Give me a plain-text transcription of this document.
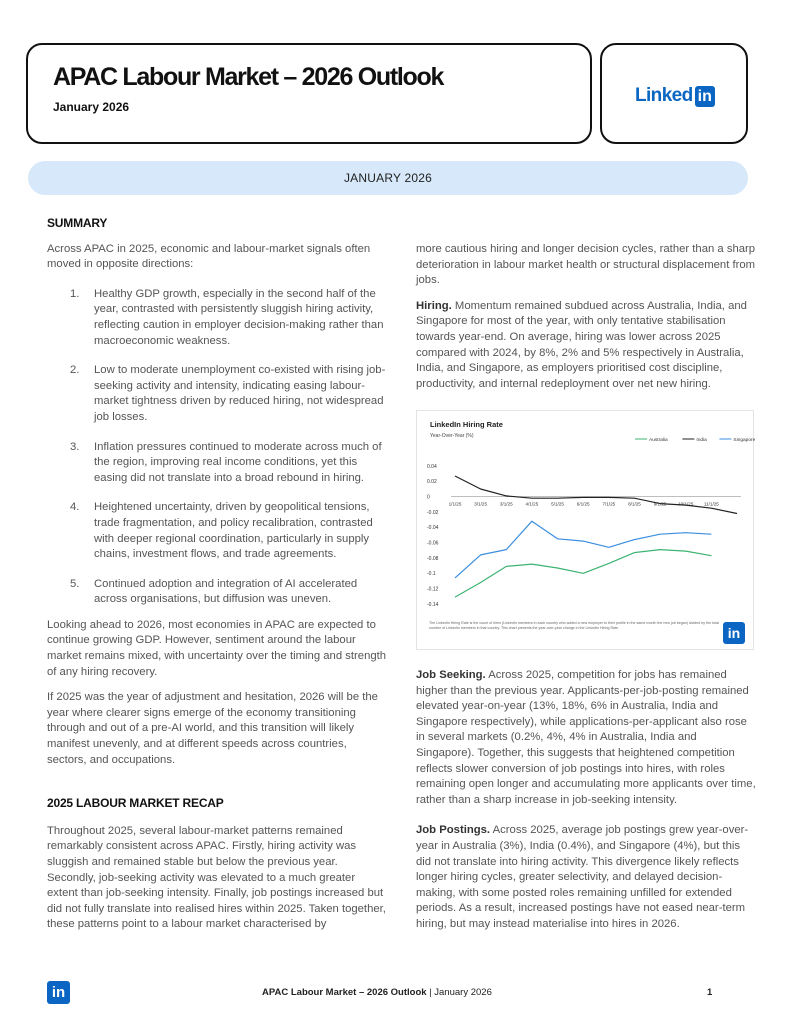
APAC Labour Market – 2026 Outlook
January 2026
Linked in
JANUARY 2026
SUMMARY

Across APAC in 2025, economic and labour-market signals often moved in opposite directions:

1. Healthy GDP growth, especially in the second half of the year, contrasted with persistently sluggish hiring activity, reflecting caution in employer decision-making rather than macroeconomic weakness.
2. Low to moderate unemployment co-existed with rising job-seeking activity and intensity, indicating easing labour-market tightness driven by reduced hiring, not widespread job losses.
3. Inflation pressures continued to moderate across much of the region, improving real income conditions, yet this easing did not translate into a broad rebound in hiring.
4. Heightened uncertainty, driven by geopolitical tensions, trade fragmentation, and policy recalibration, contrasted with deeper regional coordination, particularly in supply chains, investment flows, and trade agreements.
5. Continued adoption and integration of AI accelerated across organisations, but diffusion was uneven.

Looking ahead to 2026, most economies in APAC are expected to continue growing GDP. However, sentiment around the labour market remains mixed, with uncertainty over the timing and strength of any hiring recovery.

If 2025 was the year of adjustment and hesitation, 2026 will be the year where clearer signs emerge of the economy transitioning through and out of a pre-AI world, and this transition will likely manifest unevenly, and at different speeds across countries, sectors, and occupations.

2025 LABOUR MARKET RECAP

Throughout 2025, several labour-market patterns remained remarkably consistent across APAC. Firstly, hiring activity was sluggish and remained stable but below the previous year. Secondly, job-seeking activity was elevated to a much greater extent than job-seeking intensity. Finally, job postings increased but did not fully translate into realised hires within 2025. Taken together, these patterns point to a labour market characterised by

more cautious hiring and longer decision cycles, rather than a sharp deterioration in labour market health or structural displacement from jobs.

Hiring. Momentum remained subdued across Australia, India, and Singapore for most of the year, with only tentative stabilisation towards year-end. On average, hiring was lower across 2025 compared with 2024, by 8%, 2% and 5% respectively in Australia, India, and Singapore, as employers prioritised cost discipline, productivity, and internal redeployment over net new hiring.

LinkedIn Hiring Rate
Year-Over-Year (%)
Australia	India	Singapore
0.04
0.02
0
-0.02
-0.04
-0.06
-0.08
-0.1
-0.12
-0.14
1/1/25	3/1/25	3/1/25	4/1/25	5/1/25	6/1/25	7/1/25	8/1/25	9/1/25	10/1/25 11/1/25
The LinkedIn Hiring Rate is the count of hires (LinkedIn members in each country who added a new employer to their profile in the same month the new job began) divided by the total number of LinkedIn members in that country. This chart presents the year-over-year change in the LinkedIn Hiring Rate.	in

Job Seeking. Across 2025, competition for jobs has remained higher than the previous year. Applicants-per-job-posting remained elevated year-on-year (13%, 18%, 6% in Australia, India and Singapore respectively), while applications-per-applicant also rose in several markets (0.2%, 4%, 4% in Australia, India and Singapore). Together, this suggests that heightened competition reflects slower conversion of job postings into hires, with roles remaining open longer and accumulating more applicants over time, rather than a sharp increase in job-seeking intensity.

Job Postings. Across 2025, average job postings grew year-over-year in Australia (3%), India (0.4%), and Singapore (4%), but this did not translate into hiring activity. This divergence likely reflects longer hiring cycles, greater selectivity, and delayed decision-making, with some posted roles remaining unfilled for extended periods. As a result, increased postings have not eased near-term hiring, but may instead materialise into hires in 2026.

in	APAC Labour Market – 2026 Outlook | January 2026	1
